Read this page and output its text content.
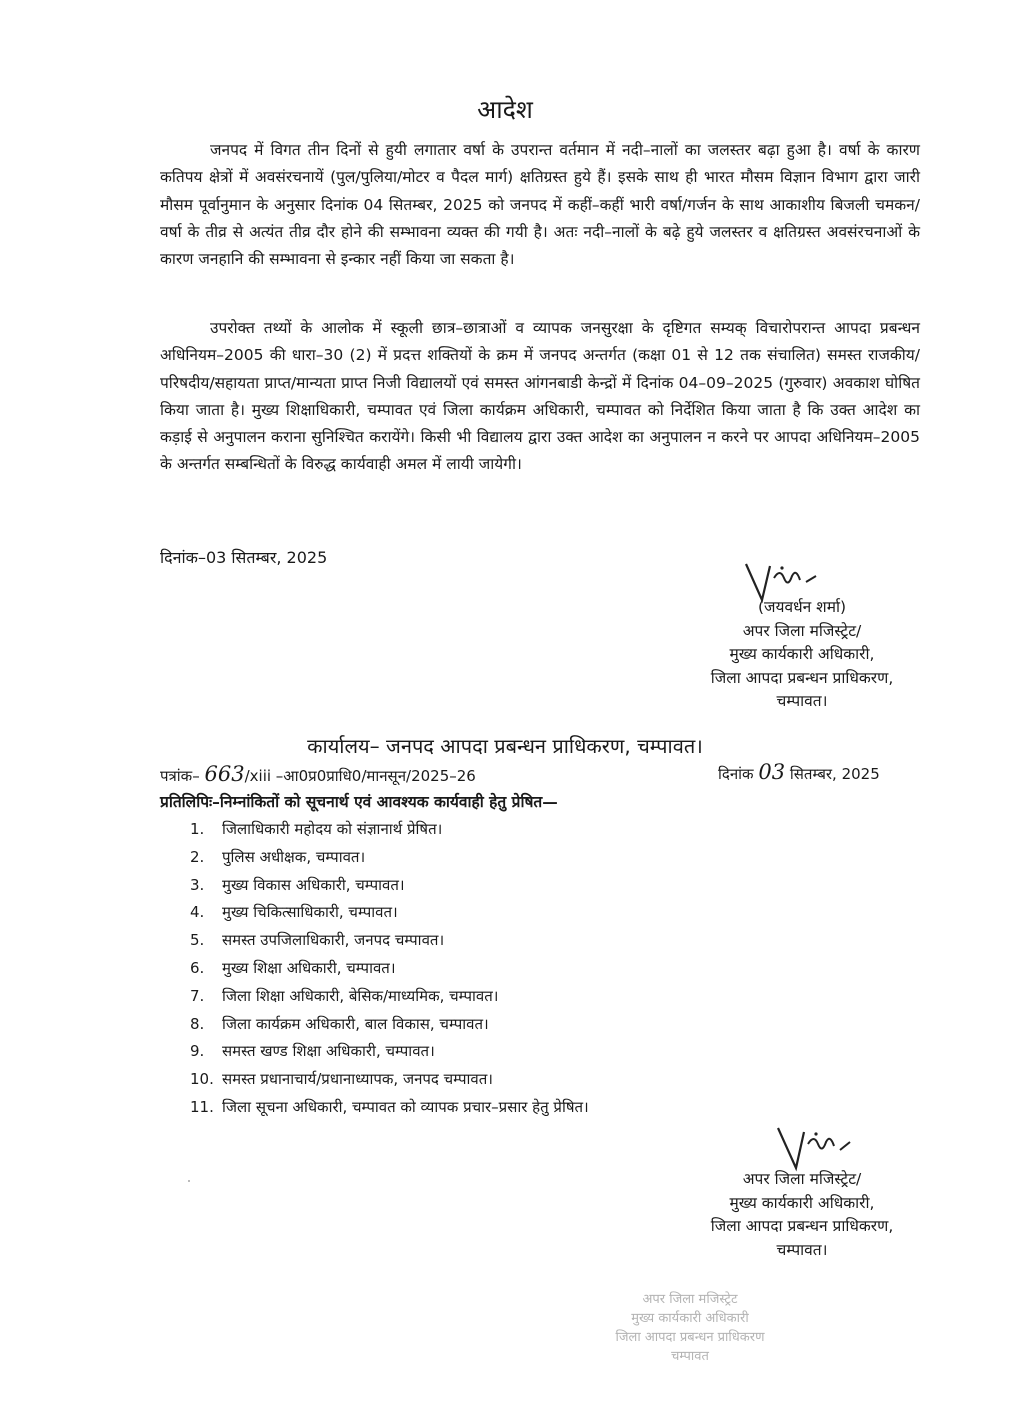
आदेश
जनपद में विगत तीन दिनों से हुयी लगातार वर्षा के उपरान्त वर्तमान में नदी–नालों का जलस्तर बढ़ा हुआ है। वर्षा के कारण कतिपय क्षेत्रों में अवसंरचनायें (पुल/पुलिया/मोटर व पैदल मार्ग) क्षतिग्रस्त हुये हैं। इसके साथ ही भारत मौसम विज्ञान विभाग द्वारा जारी मौसम पूर्वानुमान के अनुसार दिनांक 04 सितम्बर, 2025 को जनपद में कहीं–कहीं भारी वर्षा/गर्जन के साथ आकाशीय बिजली चमकन/वर्षा के तीव्र से अत्यंत तीव्र दौर होने की सम्भावना व्यक्त की गयी है। अतः नदी–नालों के बढ़े हुये जलस्तर व क्षतिग्रस्त अवसंरचनाओं के कारण जनहानि की सम्भावना से इन्कार नहीं किया जा सकता है।
उपरोक्त तथ्यों के आलोक में स्कूली छात्र–छात्राओं व व्यापक जनसुरक्षा के दृष्टिगत सम्यक् विचारोपरान्त आपदा प्रबन्धन अधिनियम–2005 की धारा–30 (2) में प्रदत्त शक्तियों के क्रम में जनपद अन्तर्गत (कक्षा 01 से 12 तक संचालित) समस्त राजकीय/परिषदीय/सहायता प्राप्त/मान्यता प्राप्त निजी विद्यालयों एवं समस्त आंगनबाडी केन्द्रों में दिनांक 04–09–2025 (गुरुवार) अवकाश घोषित किया जाता है। मुख्य शिक्षाधिकारी, चम्पावत एवं जिला कार्यक्रम अधिकारी, चम्पावत को निर्देशित किया जाता है कि उक्त आदेश का कड़ाई से अनुपालन कराना सुनिश्चित करायेंगे। किसी भी विद्यालय द्वारा उक्त आदेश का अनुपालन न करने पर आपदा अधिनियम–2005 के अन्तर्गत सम्बन्धितों के विरुद्ध कार्यवाही अमल में लायी जायेगी।
दिनांक–03 सितम्बर, 2025
(जयवर्धन शर्मा)
अपर जिला मजिस्ट्रेट/
मुख्य कार्यकारी अधिकारी,
जिला आपदा प्रबन्धन प्राधिकरण,
चम्पावत।
कार्यालय– जनपद आपदा प्रबन्धन प्राधिकरण, चम्पावत।
पत्रांक– 663/xiii –आ0प्र0प्राधि0/मानसून/2025–26	दिनांक 03 सितम्बर, 2025
प्रतिलिपिः–निम्नांकितों को सूचनार्थ एवं आवश्यक कार्यवाही हेतु प्रेषित—
1. जिलाधिकारी महोदय को संज्ञानार्थ प्रेषित।
2. पुलिस अधीक्षक, चम्पावत।
3. मुख्य विकास अधिकारी, चम्पावत।
4. मुख्य चिकित्साधिकारी, चम्पावत।
5. समस्त उपजिलाधिकारी, जनपद चम्पावत।
6. मुख्य शिक्षा अधिकारी, चम्पावत।
7. जिला शिक्षा अधिकारी, बेसिक/माध्यमिक, चम्पावत।
8. जिला कार्यक्रम अधिकारी, बाल विकास, चम्पावत।
9. समस्त खण्ड शिक्षा अधिकारी, चम्पावत।
10. समस्त प्रधानाचार्य/प्रधानाध्यापक, जनपद चम्पावत।
11. जिला सूचना अधिकारी, चम्पावत को व्यापक प्रचार–प्रसार हेतु प्रेषित।
अपर जिला मजिस्ट्रेट/
मुख्य कार्यकारी अधिकारी,
जिला आपदा प्रबन्धन प्राधिकरण,
चम्पावत।
अपर जिला मजिस्ट्रेट
मुख्य कार्यकारी अधिकारी
जिला आपदा प्रबन्धन प्राधिकरण
चम्पावत
